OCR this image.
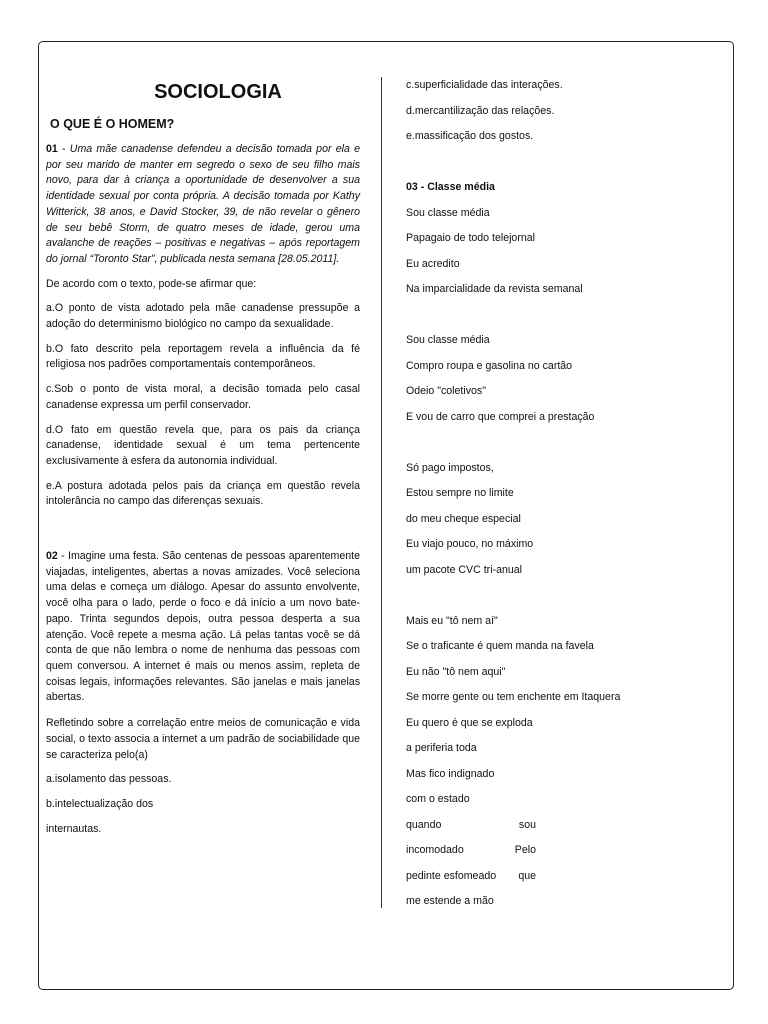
SOCIOLOGIA
O QUE É O HOMEM?

01 - Uma mãe canadense defendeu a decisão tomada por ela e por seu marido de manter em segredo o sexo de seu filho mais novo, para dar à criança a oportunidade de desenvolver a sua identidade sexual por conta própria. A decisão tomada por Kathy Witterick, 38 anos, e David Stocker, 39, de não revelar o gênero de seu bebê Storm, de quatro meses de idade, gerou uma avalanche de reações – positivas e negativas – após reportagem do jornal “Toronto Star”, publicada nesta semana [28.05.2011].

De acordo com o texto, pode-se afirmar que:

a.O ponto de vista adotado pela mãe canadense pressupõe a adoção do determinismo biológico no campo da sexualidade.

b.O fato descrito pela reportagem revela a influência da fé religiosa nos padrões comportamentais contemporâneos.

c.Sob o ponto de vista moral, a decisão tomada pelo casal canadense expressa um perfil conservador.

d.O fato em questão revela que, para os pais da criança canadense, identidade sexual é um tema pertencente exclusivamente à esfera da autonomia individual.

e.A postura adotada pelos pais da criança em questão revela intolerância no campo das diferenças sexuais.

02 - Imagine uma festa. São centenas de pessoas aparentemente viajadas, inteligentes, abertas a novas amizades. Você seleciona uma delas e começa um diálogo. Apesar do assunto envolvente, você olha para o lado, perde o foco e dá início a um novo bate-papo. Trinta segundos depois, outra pessoa desperta a sua atenção. Você repete a mesma ação. Lá pelas tantas você se dá conta de que não lembra o nome de nenhuma das pessoas com quem conversou. A internet é mais ou menos assim, repleta de coisas legais, informações relevantes. São janelas e mais janelas abertas.

Refletindo sobre a correlação entre meios de comunicação e vida social, o texto associa a internet a um padrão de sociabilidade que se caracteriza pelo(a)

a.isolamento das pessoas.

b.intelectualização dos

internautas.

c.superficialidade das interações.
d.mercantilização das relações.
e.massificação dos gostos.
03 - Classe média
Sou classe média
Papagaio de todo telejornal
Eu acredito
Na imparcialidade da revista semanal
Sou classe média
Compro roupa e gasolina no cartão
Odeio "coletivos"
E vou de carro que comprei a prestação
Só pago impostos,
Estou sempre no limite
do meu cheque especial
Eu viajo pouco, no máximo
um pacote CVC tri-anual
Mais eu "tô nem aí"
Se o traficante é quem manda na favela
Eu não "tô nem aqui"
Se morre gente ou tem enchente em Itaquera
Eu quero é que se exploda
a periferia toda
Mas fico indignado
com o estado
quando	sou
incomodado	Pelo
pedinte esfomeado que
me estende a mão
